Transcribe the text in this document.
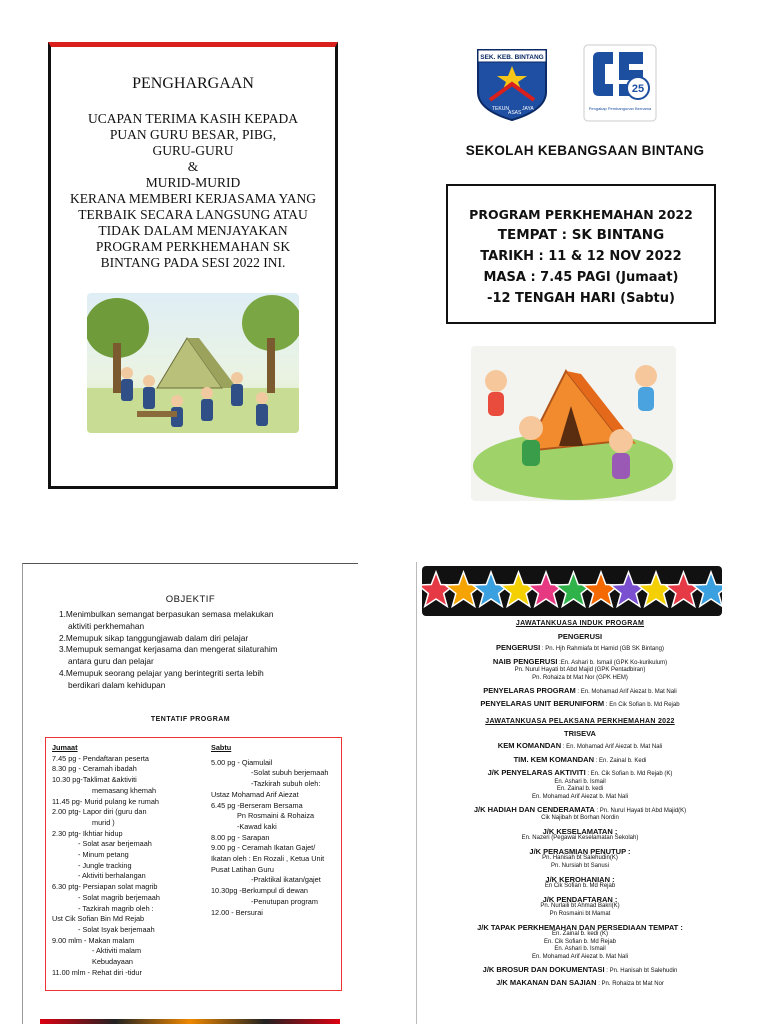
PENGHARGAAN
UCAPAN TERIMA KASIH KEPADA
PUAN GURU BESAR, PIBG,
GURU-GURU
&
MURID-MURID
KERANA MEMBERI KERJASAMA YANG
TERBAIK SECARA LANGSUNG ATAU
TIDAK DALAM MENJAYAKAN
PROGRAM PERKHEMAHAN SK
BINTANG PADA SESI 2022 INI.
SEK. KEB. BINTANG
TEKUN
ASAS
JAYA
25
Pengakap Pembangunan Bernama
SEKOLAH KEBANGSAAN BINTANG
PROGRAM PERKHEMAHAN 2022
TEMPAT : SK BINTANG
TARIKH : 11 & 12 NOV 2022
MASA : 7.45 PAGI (Jumaat)
-12 TENGAH HARI (Sabtu)
OBJEKTIF
1.Menimbulkan semangat berpasukan semasa melakukan
aktiviti perkhemahan
2.Memupuk sikap tanggungjawab dalam diri pelajar
3.Memupuk semangat kerjasama dan mengerat silaturahim
antara guru dan pelajar
4.Memupuk seorang pelajar yang berintegriti serta lebih
berdikari dalam kehidupan
TENTATIF PROGRAM
Jumaat
7.45 pg - Pendaftaran peserta
8.30 pg - Ceramah ibadah
10.30 pg-Taklimat &aktiviti
memasang khemah
11.45 pg- Murid pulang ke rumah
2.00 ptg- Lapor diri (guru dan
murid )
2.30 ptg- Ikhtiar hidup
- Solat asar berjemaah
- Minum petang
- Jungle tracking
- Aktiviti berhalangan
6.30 ptg- Persiapan solat magrib
- Solat magrib berjemaah
- Tazkirah magrib oleh :
Ust Cik Sofian Bin Md Rejab
- Solat Isyak berjemaah
9.00 mlm - Makan malam
- Aktiviti malam
Kebudayaan
11.00 mlm - Rehat diri -tidur
Sabtu
5.00 pg - Qiamulail
-Solat subuh berjemaah
-Tazkirah subuh oleh:
Ustaz Mohamad Arif Aiezat
6.45 pg -Berseram Bersama
Pn Rosmaini & Rohaiza
-Kawad kaki
8.00 pg - Sarapan
9.00 pg - Ceramah Ikatan Gajet/
Ikatan oleh : En Rozali , Ketua Unit
Pusat Latihan Guru
-Praktikal ikatan/gajet
10.30pg -Berkumpul di dewan
-Penutupan program
12.00 - Bersurai
JAWATANKUASA INDUK PROGRAM
PENGERUSI
PENGERUSI : Pn. Hjh Rahmiafa bt Hamid (GB SK Bintang)
NAIB PENGERUSI :En. Ashari b. Ismail (GPK Ko-kurikulum)
Pn. Nurul Hayati bt Abd Majid (GPK Pentadbiran)
Pn. Rohaiza bt Mat Nor (GPK HEM)
PENYELARAS PROGRAM : En. Mohamad Arif Aiezat b. Mat Nali
PENYELARAS UNIT BERUNIFORM : En Cik Sofian b. Md Rejab
JAWATANKUASA PELAKSANA PERKHEMAHAN 2022
TRISEVA
KEM KOMANDAN : En. Mohamad Arif Aiezat b. Mat Nali
TIM. KEM KOMANDAN : En. Zainal b. Kedi
J/K PENYELARAS AKTIVITI : En. Cik Sofian b. Md Rejab (K)
En. Ashari b. Ismail
En. Zainal b. kedi
En. Mohamad Arif Aiezat b. Mat Nali
J/K HADIAH DAN CENDERAMATA : Pn. Nurul Hayati bt Abd Majid(K)
Cik Najibah bt Borhan Nordin
J/K KESELAMATAN :
En. Nazeri (Pegawai Keselamatan Sekolah)
J/K PERASMIAN PENUTUP :
Pn. Hanisah bt Salehudin(K)
Pn. Nursiah bt Sanusi
J/K KEROHANIAN :
En Cik Sofian b. Md Rejab
J/K PENDAFTARAN :
Pn. Nurlaili bt Ahmad Bakri(K)
Pn Rosmaini bt Mamat
J/K TAPAK PERKHEMAHAN DAN PERSEDIAAN TEMPAT :
En. Zainal b. kedi (K)
En. Cik Sofian b. Md Rejab
En. Ashari b. Ismail
En. Mohamad Arif Aiezat b. Mat Nali
J/K BROSUR DAN DOKUMENTASI : Pn. Hanisah bt Salehudin
J/K MAKANAN DAN SAJIAN : Pn. Rohaiza bt Mat Nor
